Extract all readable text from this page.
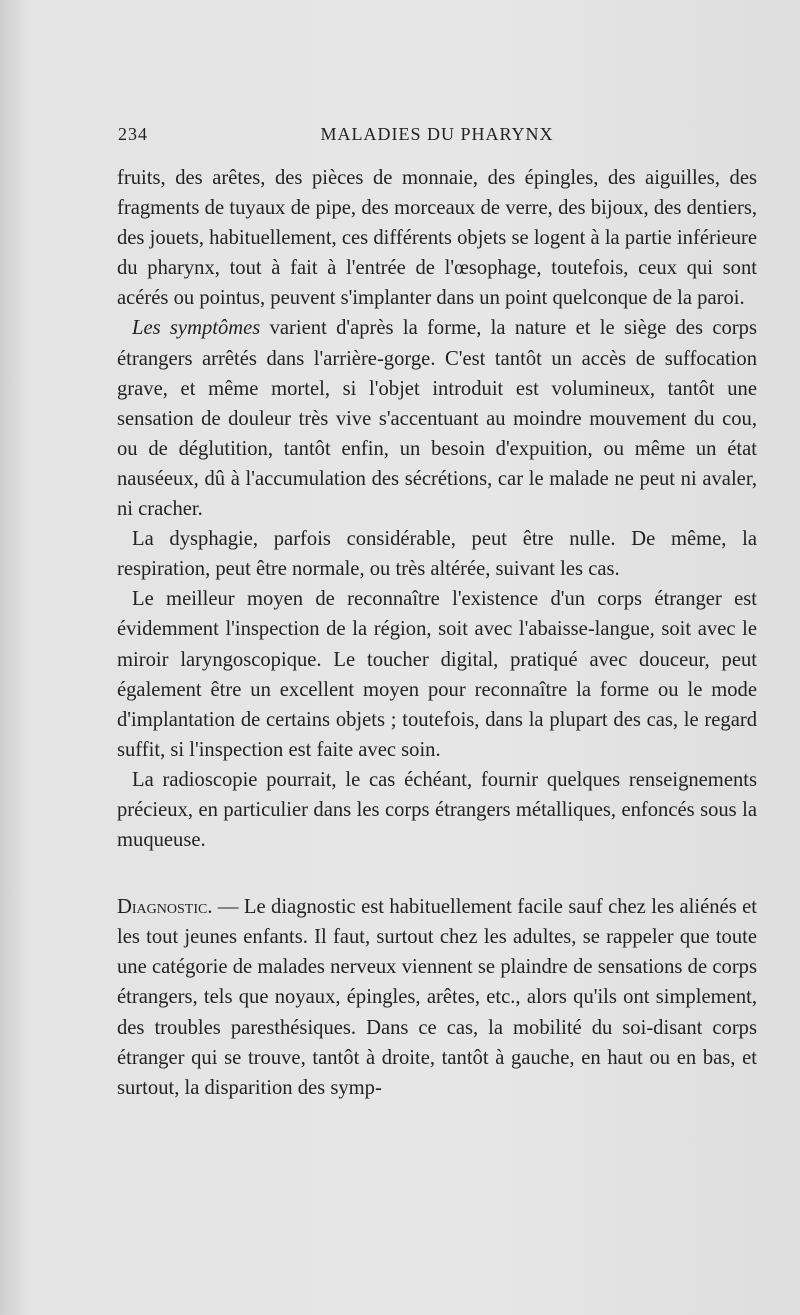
234	MALADIES DU PHARYNX

fruits, des arêtes, des pièces de monnaie, des épingles, des aiguilles, des fragments de tuyaux de pipe, des morceaux de verre, des bijoux, des dentiers, des jouets, habituellement, ces différents objets se logent à la partie inférieure du pharynx, tout à fait à l'entrée de l'œsophage, toutefois, ceux qui sont acérés ou pointus, peuvent s'implanter dans un point quelconque de la paroi.

Les symptômes varient d'après la forme, la nature et le siège des corps étrangers arrêtés dans l'arrière-gorge. C'est tantôt un accès de suffocation grave, et même mortel, si l'objet introduit est volumineux, tantôt une sensation de douleur très vive s'accentuant au moindre mouvement du cou, ou de déglutition, tantôt enfin, un besoin d'expuition, ou même un état nauséeux, dû à l'accumulation des sécrétions, car le malade ne peut ni avaler, ni cracher.

La dysphagie, parfois considérable, peut être nulle. De même, la respiration, peut être normale, ou très altérée, suivant les cas.

Le meilleur moyen de reconnaître l'existence d'un corps étranger est évidemment l'inspection de la région, soit avec l'abaisse-langue, soit avec le miroir laryngoscopique. Le toucher digital, pratiqué avec douceur, peut également être un excellent moyen pour reconnaître la forme ou le mode d'implantation de certains objets ; toutefois, dans la plupart des cas, le regard suffit, si l'inspection est faite avec soin.

La radioscopie pourrait, le cas échéant, fournir quelques renseignements précieux, en particulier dans les corps étrangers métalliques, enfoncés sous la muqueuse.

Diagnostic. — Le diagnostic est habituellement facile sauf chez les aliénés et les tout jeunes enfants. Il faut, surtout chez les adultes, se rappeler que toute une catégorie de malades nerveux viennent se plaindre de sensations de corps étrangers, tels que noyaux, épingles, arêtes, etc., alors qu'ils ont simplement, des troubles paresthésiques. Dans ce cas, la mobilité du soi-disant corps étranger qui se trouve, tantôt à droite, tantôt à gauche, en haut ou en bas, et surtout, la disparition des symp-
